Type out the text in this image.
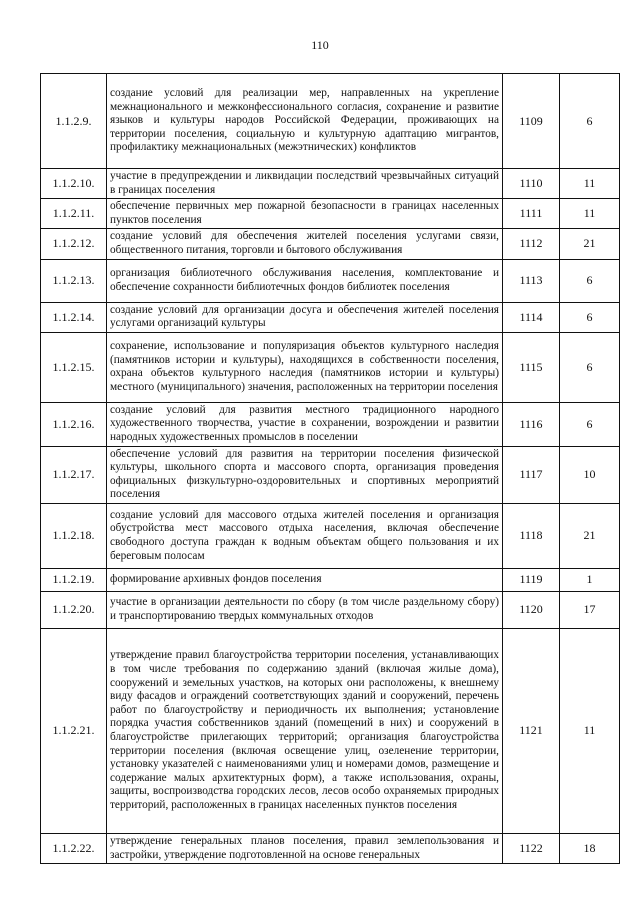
110
1.1.2.9.	создание условий для реализации мер, направленных на укрепление межнационального и межконфессионального согласия, сохранение и развитие языков и культуры народов Российской Федерации, проживающих на территории поселения, социальную и культурную адаптацию мигрантов, профилактику межнациональных (межэтнических) конфликтов	1109	6
1.1.2.10.	участие в предупреждении и ликвидации последствий чрезвычайных ситуаций в границах поселения	1110	11
1.1.2.11.	обеспечение первичных мер пожарной безопасности в границах населенных пунктов поселения	1111	11
1.1.2.12.	создание условий для обеспечения жителей поселения услугами связи, общественного питания, торговли и бытового обслуживания	1112	21
1.1.2.13.	организация библиотечного обслуживания населения, комплектование и обеспечение сохранности библиотечных фондов библиотек поселения	1113	6
1.1.2.14.	создание условий для организации досуга и обеспечения жителей поселения услугами организаций культуры	1114	6
1.1.2.15.	сохранение, использование и популяризация объектов культурного наследия (памятников истории и культуры), находящихся в собственности поселения, охрана объектов культурного наследия (памятников истории и культуры) местного (муниципального) значения, расположенных на территории поселения	1115	6
1.1.2.16.	создание условий для развития местного традиционного народного художественного творчества, участие в сохранении, возрождении и развитии народных художественных промыслов в поселении	1116	6
1.1.2.17.	обеспечение условий для развития на территории поселения физической культуры, школьного спорта и массового спорта, организация проведения официальных физкультурно-оздоровительных и спортивных мероприятий поселения	1117	10
1.1.2.18.	создание условий для массового отдыха жителей поселения и организация обустройства мест массового отдыха населения, включая обеспечение свободного доступа граждан к водным объектам общего пользования и их береговым полосам	1118	21
1.1.2.19.	формирование архивных фондов поселения	1119	1
1.1.2.20.	участие в организации деятельности по сбору (в том числе раздельному сбору) и транспортированию твердых коммунальных отходов	1120	17
1.1.2.21.	утверждение правил благоустройства территории поселения, устанавливающих в том числе требования по содержанию зданий (включая жилые дома), сооружений и земельных участков, на которых они расположены, к внешнему виду фасадов и ограждений соответствующих зданий и сооружений, перечень работ по благоустройству и периодичность их выполнения; установление порядка участия собственников зданий (помещений в них) и сооружений в благоустройстве прилегающих территорий; организация благоустройства территории поселения (включая освещение улиц, озеленение территории, установку указателей с наименованиями улиц и номерами домов, размещение и содержание малых архитектурных форм), а также использования, охраны, защиты, воспроизводства городских лесов, лесов особо охраняемых природных территорий, расположенных в границах населенных пунктов поселения	1121	11
1.1.2.22.	утверждение генеральных планов поселения, правил землепользования и застройки, утверждение подготовленной на основе генеральных	1122	18
